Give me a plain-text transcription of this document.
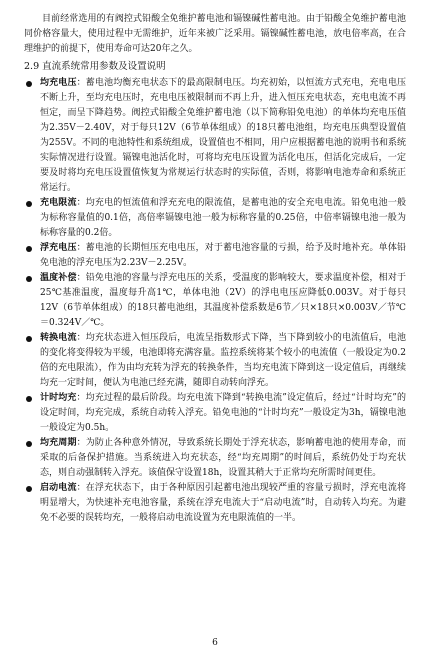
目前经常选用的有阀控式铅酸全免维护蓄电池和镉镍碱性蓄电池。由于铅酸全免维护蓄电池同价格容量大，使用过程中无需维护，近年来被广泛采用。镉镍碱性蓄电池，放电倍率高，在合理维护的前提下，使用寿命可达20年之久。

2.9 直流系统常用参数及设置说明
均充电压：蓄电池均衡充电状态下的最高限制电压。均充初始，以恒流方式充电，充电电压不断上升，至均充电压时，充电电压被限制而不再上升，进入恒压充电状态，充电电流不再恒定，而呈下降趋势。阀控式铅酸全免维护蓄电池（以下简称铅免电池）的单体均充电压值为2.35V－2.40V，对于每只12V（6节单体组成）的18只蓄电池组，均充电压典型设置值为255V。不同的电池特性和系统组成，设置值也不相同，用户应根据蓄电池的说明书和系统实际情况进行设置。镉镍电池活化时，可将均充电压设置为活化电压，但活化完成后，一定要及时将均充电压设置值恢复为常规运行状态时的实际值，否则，将影响电池寿命和系统正常运行。
充电限流：均充电的恒流值和浮充充电的限流值，是蓄电池的安全充电电流。铅免电池一般为标称容量值的0.1倍，高倍率镉镍电池一般为标称容量的0.25倍，中倍率镉镍电池一般为标称容量的0.2倍。
浮充电压：蓄电池的长期恒压充电电压，对于蓄电池容量的亏损，给予及时地补充。单体铅免电池的浮充电压为2.23V－2.25V。
温度补偿：铅免电池的容量与浮充电压的关系，受温度的影响较大，要求温度补偿，相对于25℃基准温度，温度每升高1℃，单体电池（2V）的浮电电压应降低0.003V。对于每只12V（6节单体组成）的18只蓄电池组，其温度补偿系数是6节／只×18只×0.003V／节℃＝0.324V／℃。
转换电流：均充状态进入恒压段后，电流呈指数形式下降，当下降到较小的电流值后，电池的变化将变得较为平缓，电池即将充满容量。监控系统将某个较小的电流值（一般设定为0.2倍的充电限流），作为由均充转为浮充的转换条件，当均充电流下降到这一设定值后，再继续均充一定时间，便认为电池已经充满，随即自动转向浮充。
计时均充：均充过程的最后阶段。均充电流下降到“转换电流”设定值后，经过“计时均充”的设定时间，均充完成，系统自动转入浮充。铅免电池的“计时均充”一般设定为3h，镉镍电池一般设定为0.5h。
均充周期：为防止各种意外情况，导致系统长期处于浮充状态，影响蓄电池的使用寿命，而采取的后备保护措施。当系统进入均充状态，经“均充周期”的时间后，系统仍处于均充状态，则自动强制转入浮充。该值保守设置18h，设置其稍大于正常均充所需时间更佳。
启动电流：在浮充状态下，由于各种原因引起蓄电池出现较严重的容量亏损时，浮充电流将明显增大，为快速补充电池容量，系统在浮充电流大于“启动电流”时，自动转入均充。为避免不必要的误转均充，一般将启动电流设置为充电限流值的一半。
6
